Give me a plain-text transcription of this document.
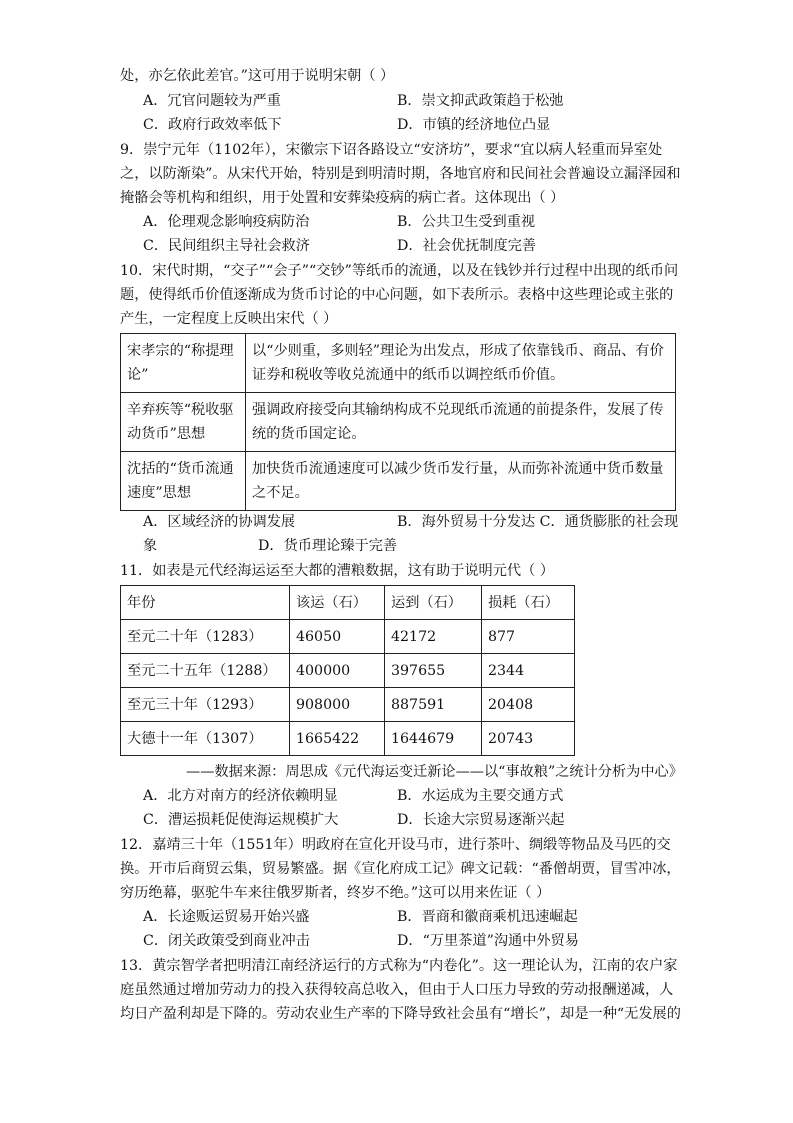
处，亦乞依此差官。”这可用于说明宋朝（ ）
A．冗官问题较为严重	B．崇文抑武政策趋于松弛
C．政府行政效率低下	D．市镇的经济地位凸显
9．崇宁元年（1102年），宋徽宗下诏各路设立“安济坊”，要求“宜以病人轻重而异室处
之，以防渐染”。从宋代开始，特别是到明清时期，各地官府和民间社会普遍设立漏泽园和
掩骼会等机构和组织，用于处置和安葬染疫病的病亡者。这体现出（ ）
A．伦理观念影响疫病防治	B．公共卫生受到重视
C．民间组织主导社会救济	D．社会优抚制度完善
10．宋代时期，“交子”“会子”“交钞”等纸币的流通，以及在钱钞并行过程中出现的纸币问
题，使得纸币价值逐渐成为货币讨论的中心问题，如下表所示。表格中这些理论或主张的
产生，一定程度上反映出宋代（ ）
宋孝宗的“称提理
论”	以“少则重，多则轻”理论为出发点，形成了依靠钱币、商品、有价
证券和税收等收兑流通中的纸币以调控纸币价值。
辛弃疾等“税收驱
动货币”思想	强调政府接受向其输纳构成不兑现纸币流通的前提条件，发展了传
统的货币国定论。
沈括的“货币流通
速度”思想	加快货币流通速度可以减少货币发行量，从而弥补流通中货币数量
之不足。
A．区域经济的协调发展	B．海外贸易十分发达 C．通货膨胀的社会现
象	D．货币理论臻于完善
11．如表是元代经海运运至大都的漕粮数据，这有助于说明元代（ ）
年份	该运（石）	运到（石）	损耗（石）
至元二十年（1283）	46050	42172	877
至元二十五年（1288）	400000	397655	2344
至元三十年（1293）	908000	887591	20408
大德十一年（1307）	1665422	1644679	20743
——数据来源：周思成《元代海运变迁新论——以“事故粮”之统计分析为中心》
A．北方对南方的经济依赖明显	B．水运成为主要交通方式
C．漕运损耗促使海运规模扩大	D．长途大宗贸易逐渐兴起
12．嘉靖三十年（1551年）明政府在宣化开设马市，进行茶叶、绸缎等物品及马匹的交
换。开市后商贸云集，贸易繁盛。据《宣化府成工记》碑文记载：“番僧胡贾，冒雪冲冰，
穷历绝幕，驱驼牛车来往俄罗斯者，终岁不绝。”这可以用来佐证（ ）
A．长途贩运贸易开始兴盛	B．晋商和徽商乘机迅速崛起
C．闭关政策受到商业冲击	D．“万里茶道”沟通中外贸易
13．黄宗智学者把明清江南经济运行的方式称为“内卷化”。这一理论认为，江南的农户家
庭虽然通过增加劳动力的投入获得较高总收入，但由于人口压力导致的劳动报酬递减，人
均日产盈利却是下降的。劳动农业生产率的下降导致社会虽有“增长”，却是一种“无发展的
